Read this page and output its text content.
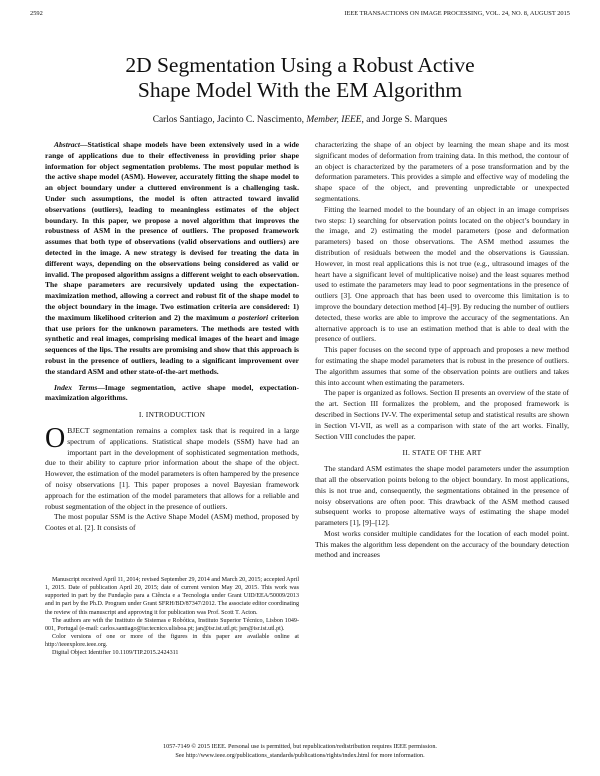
2592	IEEE TRANSACTIONS ON IMAGE PROCESSING, VOL. 24, NO. 8, AUGUST 2015
2D Segmentation Using a Robust Active
Shape Model With the EM Algorithm
Carlos Santiago, Jacinto C. Nascimento, Member, IEEE, and Jorge S. Marques

Abstract—Statistical shape models have been extensively used in a wide range of applications due to their effectiveness in providing prior shape information for object segmentation problems. The most popular method is the active shape model (ASM). However, accurately fitting the shape model to an object boundary under a cluttered environment is a challenging task. Under such assumptions, the model is often attracted toward invalid observations (outliers), leading to meaningless estimates of the object boundary. In this paper, we propose a novel algorithm that improves the robustness of ASM in the presence of outliers. The proposed framework assumes that both type of observations (valid observations and outliers) are detected in the image. A new strategy is devised for treating the data in different ways, depending on the observations being considered as valid or invalid. The proposed algorithm assigns a different weight to each observation. The shape parameters are recursively updated using the expectation-maximization method, allowing a correct and robust fit of the shape model to the object boundary in the image. Two estimation criteria are considered: 1) the maximum likelihood criterion and 2) the maximum a posteriori criterion that use priors for the unknown parameters. The methods are tested with synthetic and real images, comprising medical images of the heart and image sequences of the lips. The results are promising and show that this approach is robust in the presence of outliers, leading to a significant improvement over the standard ASM and other state-of-the-art methods.

Index Terms—Image segmentation, active shape model, expectation-maximization algorithms.

I. INTRODUCTION

OBJECT segmentation remains a complex task that is required in a large spectrum of applications. Statistical shape models (SSM) have had an important part in the development of sophisticated segmentation methods, due to their ability to capture prior information about the shape of the object. However, the estimation of the model parameters is often hampered by the presence of noisy observations [1]. This paper proposes a novel Bayesian framework approach for the estimation of the model parameters that allows for a reliable and robust segmentation of the object in the presence of outliers.

The most popular SSM is the Active Shape Model (ASM) method, proposed by Cootes et al. [2]. It consists of

Manuscript received April 11, 2014; revised September 29, 2014 and March 20, 2015; accepted April 1, 2015. Date of publication April 20, 2015; date of current version May 20, 2015. This work was supported in part by the Fundação para a Ciência e a Tecnologia under Grant UID/EEA/50009/2013 and in part by the Ph.D. Program under Grant SFRH/BD/87347/2012. The associate editor coordinating the review of this manuscript and approving it for publication was Prof. Scott T. Acton.

The authors are with the Instituto de Sistemas e Robótica, Instituto Superior Técnico, Lisbon 1049-001, Portugal (e-mail: carlos.santiago@isr.tecnico.ulisboa.pt; jan@isr.ist.utl.pt; jsm@isr.ist.utl.pt).

Color versions of one or more of the figures in this paper are available online at http://ieeexplore.ieee.org.

Digital Object Identifier 10.1109/TIP.2015.2424311

characterizing the shape of an object by learning the mean shape and its most significant modes of deformation from training data. In this method, the contour of an object is characterized by the parameters of a pose transformation and by the deformation parameters. This provides a simple and effective way of modeling the shape space of the object, and preventing unpredictable or unexpected segmentations.

Fitting the learned model to the boundary of an object in an image comprises two steps: 1) searching for observation points located on the object’s boundary in the image, and 2) estimating the model parameters (pose and deformation parameters) based on those observations. The ASM method assumes the distribution of residuals between the model and the observations is Gaussian. However, in most real applications this is not true (e.g., ultrasound images of the heart have a significant level of multiplicative noise) and the least squares method used to estimate the parameters may lead to poor segmentations in the presence of outliers [3]. One approach that has been used to overcome this limitation is to improve the boundary detection method [4]–[9]. By reducing the number of outliers detected, these works are able to improve the accuracy of the segmentations. An alternative approach is to use an estimation method that is able to deal with the presence of outliers.

This paper focuses on the second type of approach and proposes a new method for estimating the shape model parameters that is robust in the presence of outliers. The algorithm assumes that some of the observation points are outliers and takes this into account when estimating the parameters.

The paper is organized as follows. Section II presents an overview of the state of the art. Section III formalizes the problem, and the proposed framework is described in Sections IV-V. The experimental setup and statistical results are shown in Section VI-VII, as well as a comparison with state of the art works. Finally, Section VIII concludes the paper.

II. STATE OF THE ART

The standard ASM estimates the shape model parameters under the assumption that all the observation points belong to the object boundary. In most applications, this is not true and, consequently, the segmentations obtained in the presence of noisy observations are often poor. This drawback of the ASM method caused subsequent works to propose alternative ways of estimating the shape model parameters [1], [9]–[12].

Most works consider multiple candidates for the location of each model point. This makes the algorithm less dependent on the accuracy of the boundary detection method and increases

1057-7149 © 2015 IEEE. Personal use is permitted, but republication/redistribution requires IEEE permission.
See http://www.ieee.org/publications_standards/publications/rights/index.html for more information.
